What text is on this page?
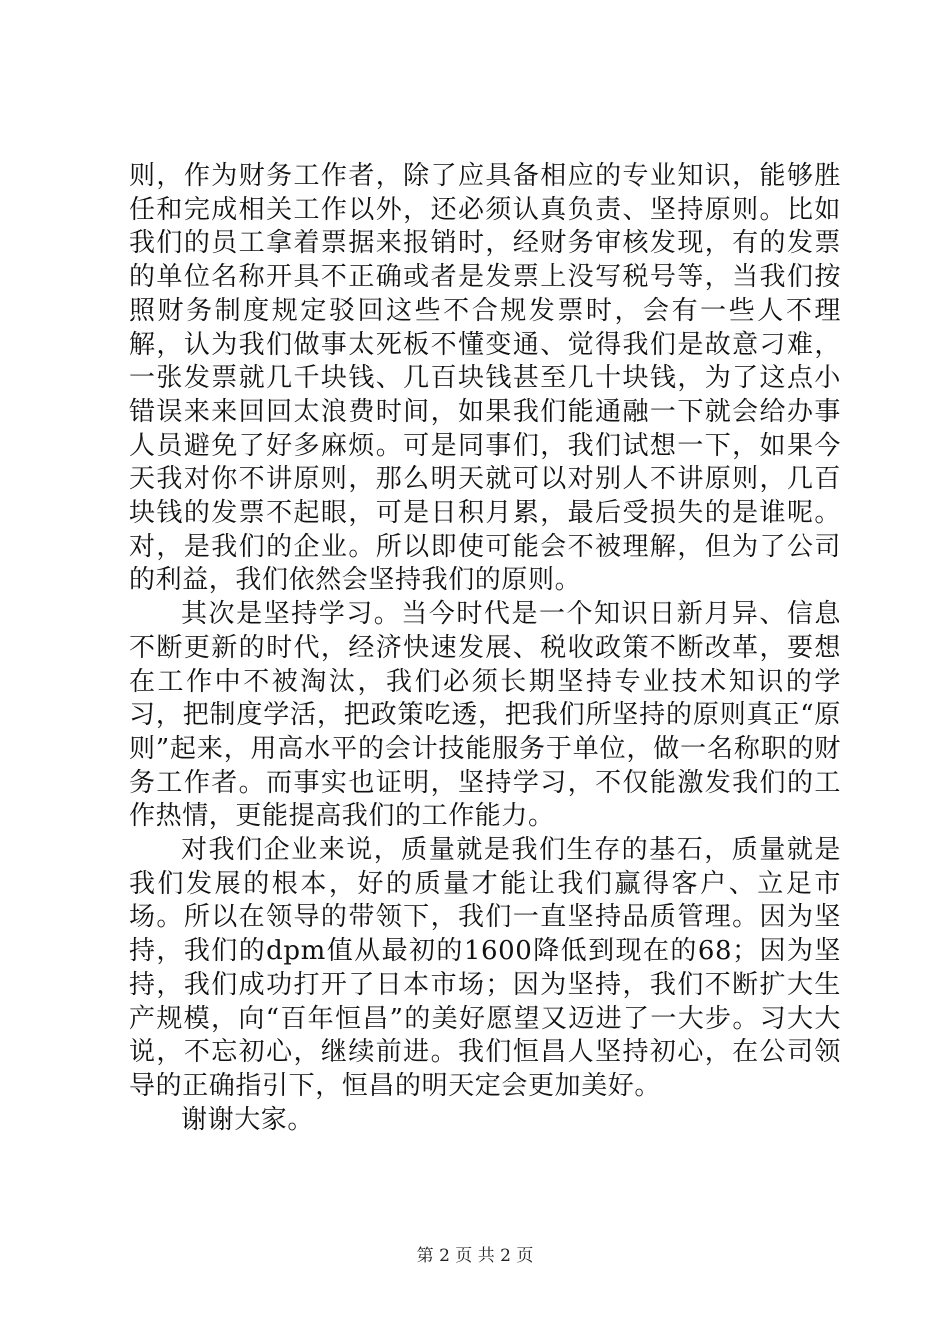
则，作为财务工作者，除了应具备相应的专业知识，能够胜任和完成相关工作以外，还必须认真负责、坚持原则。比如我们的员工拿着票据来报销时，经财务审核发现，有的发票的单位名称开具不正确或者是发票上没写税号等，当我们按照财务制度规定驳回这些不合规发票时，会有一些人不理解，认为我们做事太死板不懂变通、觉得我们是故意刁难，一张发票就几千块钱、几百块钱甚至几十块钱，为了这点小错误来来回回太浪费时间，如果我们能通融一下就会给办事人员避免了好多麻烦。可是同事们，我们试想一下，如果今天我对你不讲原则，那么明天就可以对别人不讲原则，几百块钱的发票不起眼，可是日积月累，最后受损失的是谁呢。对，是我们的企业。所以即使可能会不被理解，但为了公司的利益，我们依然会坚持我们的原则。

其次是坚持学习。当今时代是一个知识日新月异、信息不断更新的时代，经济快速发展、税收政策不断改革，要想在工作中不被淘汰，我们必须长期坚持专业技术知识的学习，把制度学活，把政策吃透，把我们所坚持的原则真正“原则”起来，用高水平的会计技能服务于单位，做一名称职的财务工作者。而事实也证明，坚持学习，不仅能激发我们的工作热情，更能提高我们的工作能力。

对我们企业来说，质量就是我们生存的基石，质量就是我们发展的根本，好的质量才能让我们赢得客户、立足市场。所以在领导的带领下，我们一直坚持品质管理。因为坚持，我们的dpm值从最初的1600降低到现在的68；因为坚持，我们成功打开了日本市场；因为坚持，我们不断扩大生产规模，向“百年恒昌”的美好愿望又迈进了一大步。习大大说，不忘初心，继续前进。我们恒昌人坚持初心，在公司领导的正确指引下，恒昌的明天定会更加美好。

谢谢大家。

第 2 页 共 2 页
